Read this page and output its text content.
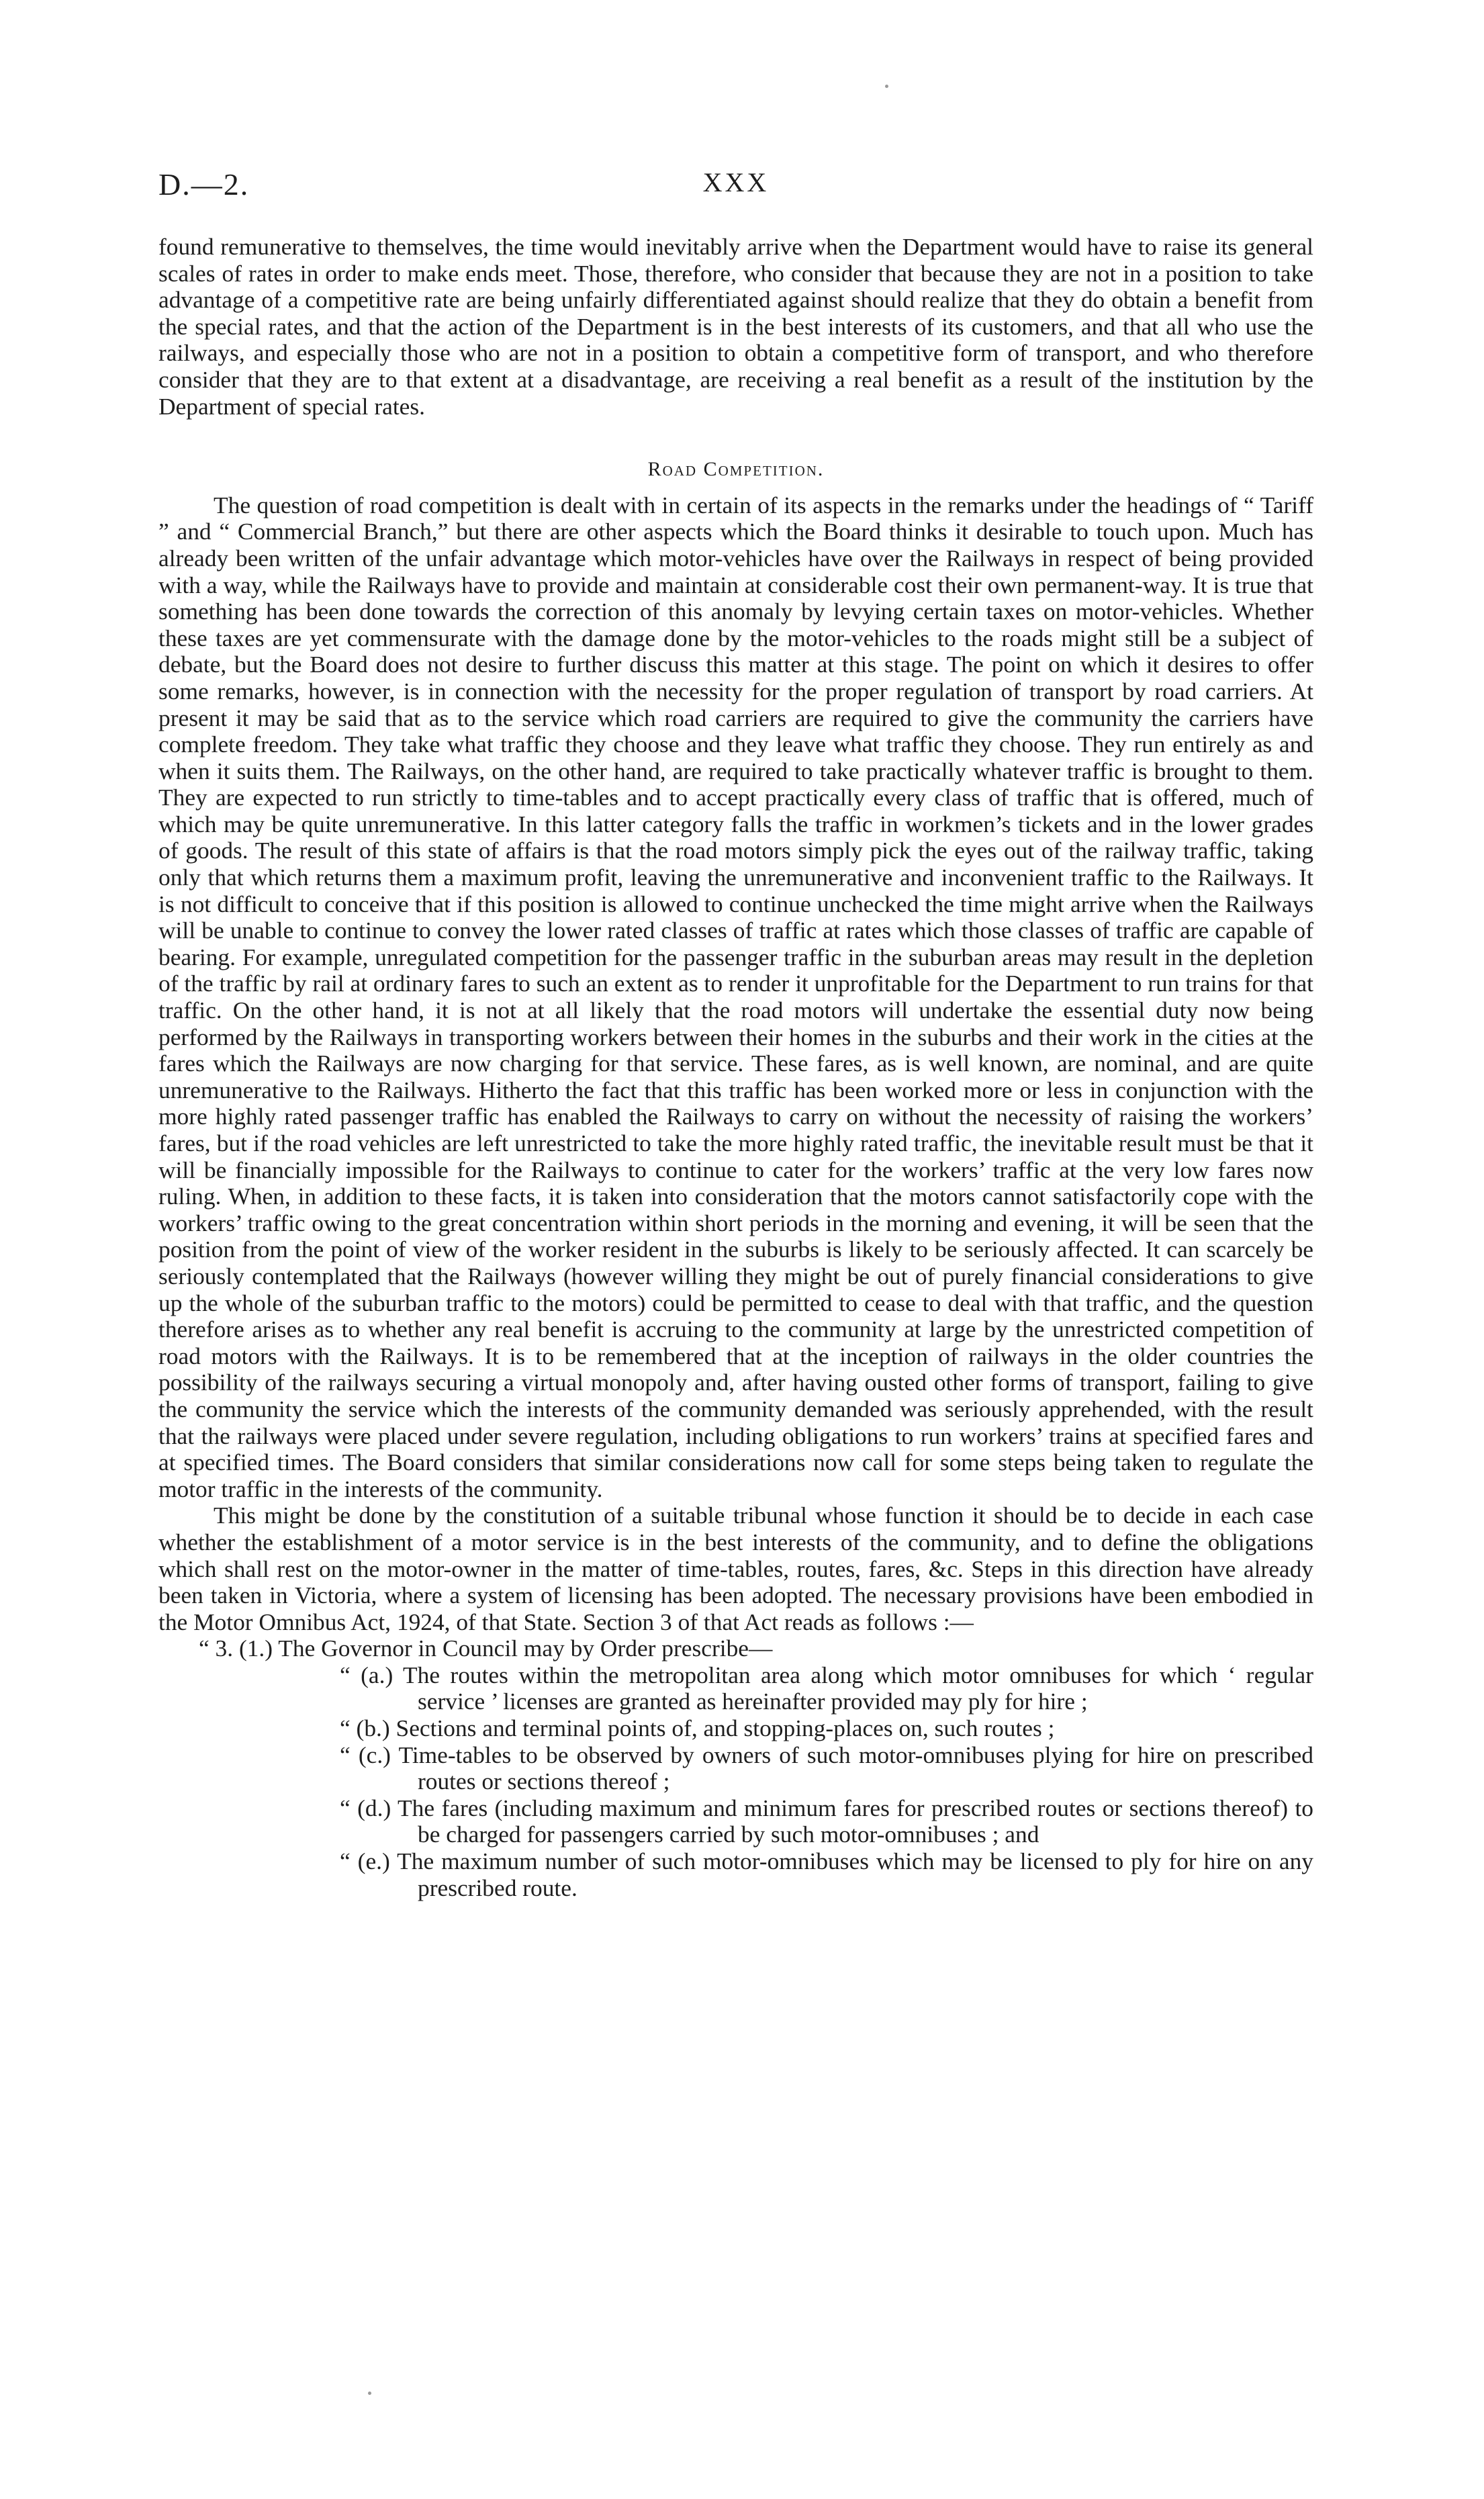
D.—2.	XXX

found remunerative to themselves, the time would inevitably arrive when the Department would have to raise its general scales of rates in order to make ends meet. Those, therefore, who consider that because they are not in a position to take advantage of a competitive rate are being unfairly differentiated against should realize that they do obtain a benefit from the special rates, and that the action of the Department is in the best interests of its customers, and that all who use the railways, and especially those who are not in a position to obtain a competitive form of transport, and who therefore consider that they are to that extent at a disadvantage, are receiving a real benefit as a result of the institution by the Department of special rates.

Road Competition.

The question of road competition is dealt with in certain of its aspects in the remarks under the headings of “ Tariff ” and “ Commercial Branch,” but there are other aspects which the Board thinks it desirable to touch upon. Much has already been written of the unfair advantage which motor-vehicles have over the Railways in respect of being provided with a way, while the Railways have to provide and maintain at considerable cost their own permanent-way. It is true that something has been done towards the correction of this anomaly by levying certain taxes on motor-vehicles. Whether these taxes are yet commensurate with the damage done by the motor-vehicles to the roads might still be a subject of debate, but the Board does not desire to further discuss this matter at this stage. The point on which it desires to offer some remarks, however, is in connection with the necessity for the proper regulation of transport by road carriers. At present it may be said that as to the service which road carriers are required to give the community the carriers have complete freedom. They take what traffic they choose and they leave what traffic they choose. They run entirely as and when it suits them. The Railways, on the other hand, are required to take practically whatever traffic is brought to them. They are expected to run strictly to time-tables and to accept practically every class of traffic that is offered, much of which may be quite unremunerative. In this latter category falls the traffic in workmen’s tickets and in the lower grades of goods. The result of this state of affairs is that the road motors simply pick the eyes out of the railway traffic, taking only that which returns them a maximum profit, leaving the unremunerative and inconvenient traffic to the Railways. It is not difficult to conceive that if this position is allowed to continue unchecked the time might arrive when the Railways will be unable to continue to convey the lower rated classes of traffic at rates which those classes of traffic are capable of bearing. For example, unregulated competition for the passenger traffic in the suburban areas may result in the depletion of the traffic by rail at ordinary fares to such an extent as to render it unprofitable for the Department to run trains for that traffic. On the other hand, it is not at all likely that the road motors will undertake the essential duty now being performed by the Railways in transporting workers between their homes in the suburbs and their work in the cities at the fares which the Railways are now charging for that service. These fares, as is well known, are nominal, and are quite unremunerative to the Railways. Hitherto the fact that this traffic has been worked more or less in conjunction with the more highly rated passenger traffic has enabled the Railways to carry on without the necessity of raising the workers’ fares, but if the road vehicles are left unrestricted to take the more highly rated traffic, the inevitable result must be that it will be financially impossible for the Railways to continue to cater for the workers’ traffic at the very low fares now ruling. When, in addition to these facts, it is taken into consideration that the motors cannot satisfactorily cope with the workers’ traffic owing to the great concentration within short periods in the morning and evening, it will be seen that the position from the point of view of the worker resident in the suburbs is likely to be seriously affected. It can scarcely be seriously contemplated that the Railways (however willing they might be out of purely financial considerations to give up the whole of the suburban traffic to the motors) could be permitted to cease to deal with that traffic, and the question therefore arises as to whether any real benefit is accruing to the community at large by the unrestricted competition of road motors with the Railways. It is to be remembered that at the inception of railways in the older countries the possibility of the railways securing a virtual monopoly and, after having ousted other forms of transport, failing to give the community the service which the interests of the community demanded was seriously apprehended, with the result that the railways were placed under severe regulation, including obligations to run workers’ trains at specified fares and at specified times. The Board considers that similar considerations now call for some steps being taken to regulate the motor traffic in the interests of the community.

This might be done by the constitution of a suitable tribunal whose function it should be to decide in each case whether the establishment of a motor service is in the best interests of the community, and to define the obligations which shall rest on the motor-owner in the matter of time-tables, routes, fares, &c. Steps in this direction have already been taken in Victoria, where a system of licensing has been adopted. The necessary provisions have been embodied in the Motor Omnibus Act, 1924, of that State. Section 3 of that Act reads as follows :—

“ 3. (1.) The Governor in Council may by Order prescribe—

“ (a.) The routes within the metropolitan area along which motor omnibuses for which ‘ regular service ’ licenses are granted as hereinafter provided may ply for hire ;

“ (b.) Sections and terminal points of, and stopping-places on, such routes ;

“ (c.) Time-tables to be observed by owners of such motor-omnibuses plying for hire on prescribed routes or sections thereof ;

“ (d.) The fares (including maximum and minimum fares for prescribed routes or sections thereof) to be charged for passengers carried by such motor-omnibuses ; and

“ (e.) The maximum number of such motor-omnibuses which may be licensed to ply for hire on any prescribed route.
